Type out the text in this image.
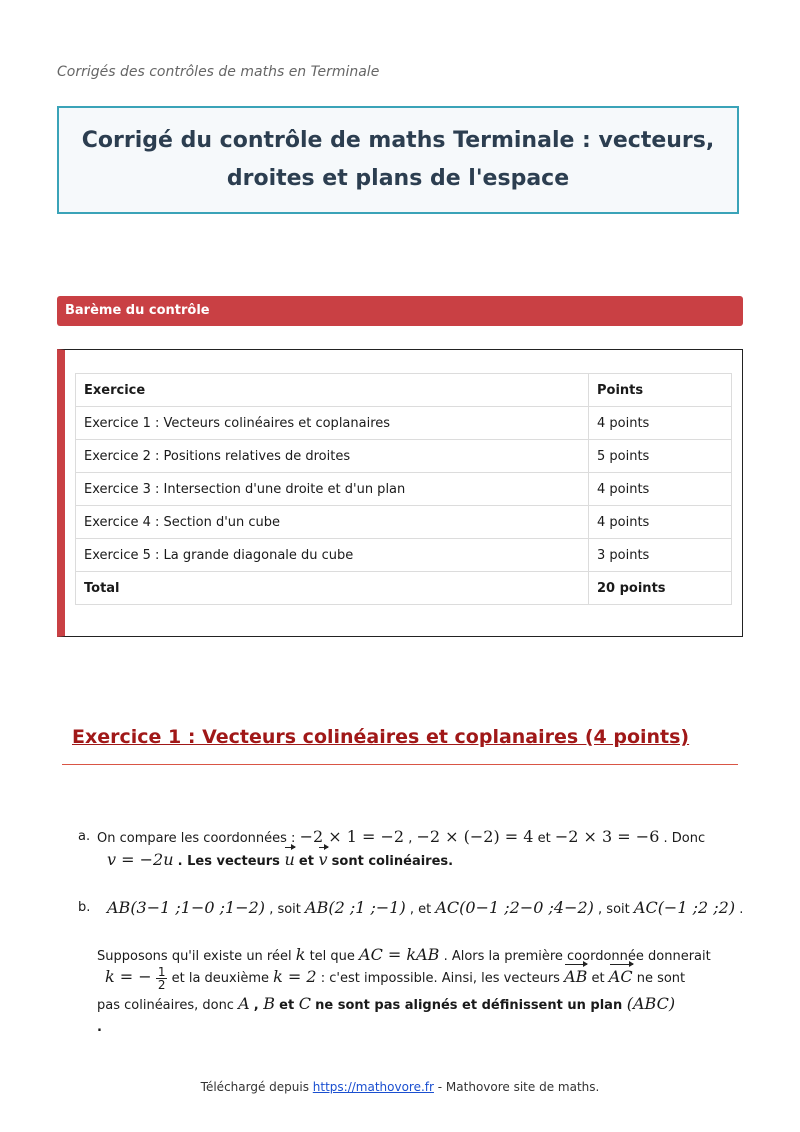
Corrigés des contrôles de maths en Terminale
Corrigé du contrôle de maths Terminale : vecteurs, droites et plans de l'espace
Barème du contrôle
Exercice	Points
Exercice 1 : Vecteurs colinéaires et coplanaires	4 points
Exercice 2 : Positions relatives de droites	5 points
Exercice 3 : Intersection d'une droite et d'un plan	4 points
Exercice 4 : Section d'un cube	4 points
Exercice 5 : La grande diagonale du cube	3 points
Total	20 points
Exercice 1 : Vecteurs colinéaires et coplanaires (4 points)
a. On compare les coordonnées : −2 × 1 = −2 , −2 × (−2) = 4 et −2 × 3 = −6 . Donc
v = −2u . Les vecteurs u et v sont colinéaires.
b. AB(3−1 ;1−0 ;1−2) , soit AB(2 ;1 ;−1) , et AC(0−1 ;2−0 ;4−2) , soit AC(−1 ;2 ;2) .
Supposons qu'il existe un réel k tel que AC = kAB . Alors la première coordonnée donnerait
k = − $\frac{1}{2}$ et la deuxième k = 2 : c'est impossible. Ainsi, les vecteurs AB et AC ne sont
pas colinéaires, donc A , B et C ne sont pas alignés et définissent un plan (ABC)
.
Téléchargé depuis https://mathovore.fr - Mathovore site de maths.
